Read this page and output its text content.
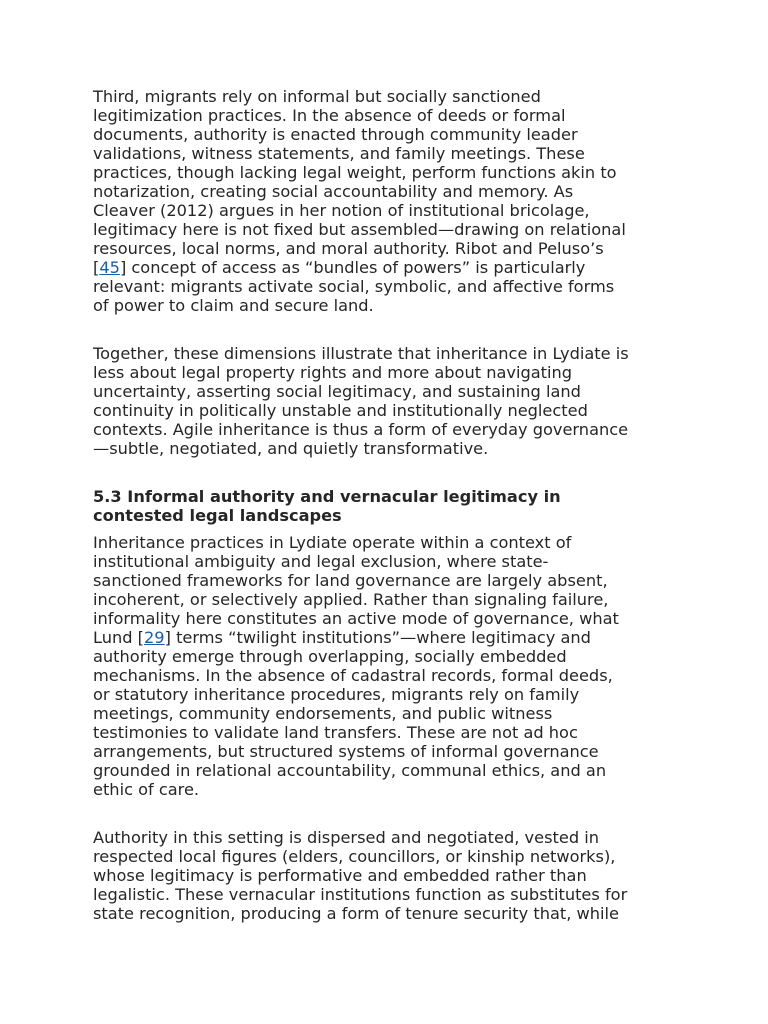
Third, migrants rely on informal but socially sanctioned
legitimization practices. In the absence of deeds or formal
documents, authority is enacted through community leader
validations, witness statements, and family meetings. These
practices, though lacking legal weight, perform functions akin to
notarization, creating social accountability and memory. As
Cleaver (2012) argues in her notion of institutional bricolage,
legitimacy here is not fixed but assembled—drawing on relational
resources, local norms, and moral authority. Ribot and Peluso’s
[45] concept of access as “bundles of powers” is particularly
relevant: migrants activate social, symbolic, and affective forms
of power to claim and secure land.
Together, these dimensions illustrate that inheritance in Lydiate is
less about legal property rights and more about navigating
uncertainty, asserting social legitimacy, and sustaining land
continuity in politically unstable and institutionally neglected
contexts. Agile inheritance is thus a form of everyday governance
—subtle, negotiated, and quietly transformative.
5.3 Informal authority and vernacular legitimacy in
contested legal landscapes
Inheritance practices in Lydiate operate within a context of
institutional ambiguity and legal exclusion, where state-
sanctioned frameworks for land governance are largely absent,
incoherent, or selectively applied. Rather than signaling failure,
informality here constitutes an active mode of governance, what
Lund [29] terms “twilight institutions”—where legitimacy and
authority emerge through overlapping, socially embedded
mechanisms. In the absence of cadastral records, formal deeds,
or statutory inheritance procedures, migrants rely on family
meetings, community endorsements, and public witness
testimonies to validate land transfers. These are not ad hoc
arrangements, but structured systems of informal governance
grounded in relational accountability, communal ethics, and an
ethic of care.
Authority in this setting is dispersed and negotiated, vested in
respected local figures (elders, councillors, or kinship networks),
whose legitimacy is performative and embedded rather than
legalistic. These vernacular institutions function as substitutes for
state recognition, producing a form of tenure security that, while
